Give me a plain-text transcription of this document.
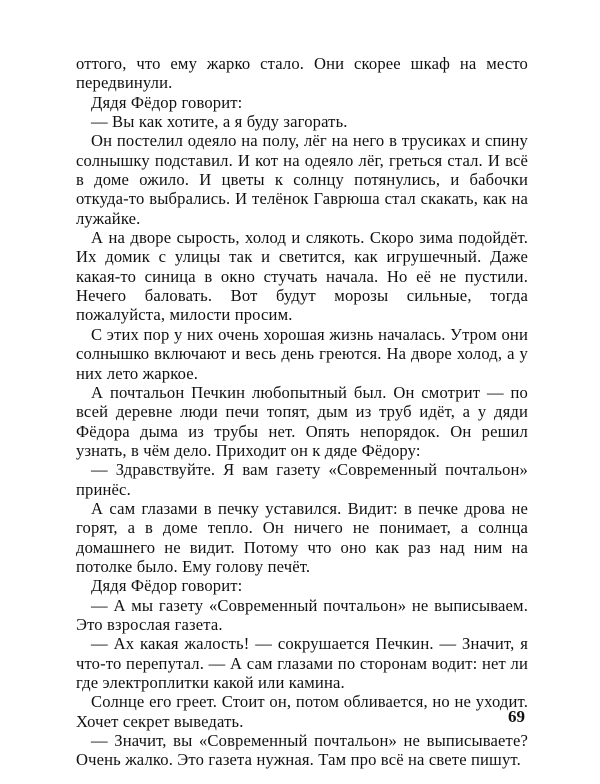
оттого, что ему жарко стало. Они скорее шкаф на место передвинули.

Дядя Фёдор говорит:

— Вы как хотите, а я буду загорать.

Он постелил одеяло на полу, лёг на него в трусиках и спину солнышку подставил. И кот на одеяло лёг, греться стал. И всё в доме ожило. И цветы к солнцу потянулись, и бабочки откуда-то выбрались. И телёнок Гаврюша стал скакать, как на лужайке.

А на дворе сырость, холод и слякоть. Скоро зима подойдёт. Их домик с улицы так и светится, как игрушечный. Даже какая-то синица в окно стучать начала. Но её не пустили. Нечего баловать. Вот будут морозы сильные, тогда пожалуйста, милости просим.

С этих пор у них очень хорошая жизнь началась. Утром они солнышко включают и весь день греются. На дворе холод, а у них лето жаркое.

А почтальон Печкин любопытный был. Он смотрит — по всей деревне люди печи топят, дым из труб идёт, а у дяди Фёдора дыма из трубы нет. Опять непорядок. Он решил узнать, в чём дело. Приходит он к дяде Фёдору:

— Здравствуйте. Я вам газету «Современный почтальон» принёс.

А сам глазами в печку уставился. Видит: в печке дрова не горят, а в доме тепло. Он ничего не понимает, а солнца домашнего не видит. Потому что оно как раз над ним на потолке было. Ему голову печёт.

Дядя Фёдор говорит:

— А мы газету «Современный почтальон» не выписываем. Это взрослая газета.

— Ах какая жалость! — сокрушается Печкин. — Значит, я что-то перепутал. — А сам глазами по сторонам водит: нет ли где электроплитки какой или камина.

Солнце его греет. Стоит он, потом обливается, но не уходит. Хочет секрет выведать.

— Значит, вы «Современный почтальон» не выписываете? Очень жалко. Это газета нужная. Там про всё на свете пишут.

69
